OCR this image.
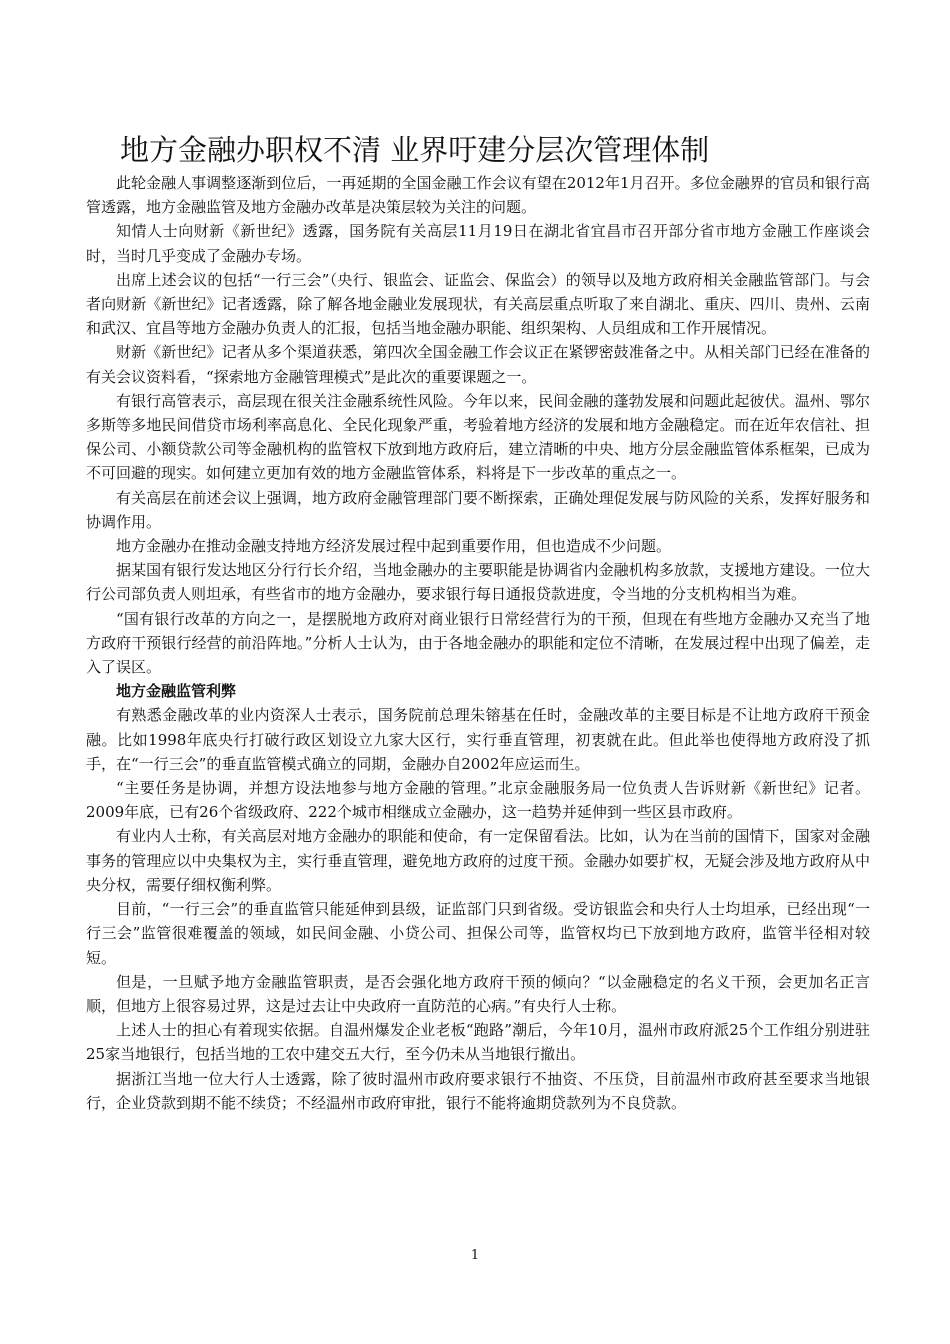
地方金融办职权不清 业界吁建分层次管理体制

此轮金融人事调整逐渐到位后，一再延期的全国金融工作会议有望在2012年1月召开。多位金融界的官员和银行高管透露，地方金融监管及地方金融办改革是决策层较为关注的问题。

知情人士向财新《新世纪》透露，国务院有关高层11月19日在湖北省宜昌市召开部分省市地方金融工作座谈会时，当时几乎变成了金融办专场。

出席上述会议的包括“一行三会”（央行、银监会、证监会、保监会）的领导以及地方政府相关金融监管部门。与会者向财新《新世纪》记者透露，除了解各地金融业发展现状，有关高层重点听取了来自湖北、重庆、四川、贵州、云南和武汉、宜昌等地方金融办负责人的汇报，包括当地金融办职能、组织架构、人员组成和工作开展情况。

财新《新世纪》记者从多个渠道获悉，第四次全国金融工作会议正在紧锣密鼓准备之中。从相关部门已经在准备的有关会议资料看，“探索地方金融管理模式”是此次的重要课题之一。

有银行高管表示，高层现在很关注金融系统性风险。今年以来，民间金融的蓬勃发展和问题此起彼伏。温州、鄂尔多斯等多地民间借贷市场利率高息化、全民化现象严重，考验着地方经济的发展和地方金融稳定。而在近年农信社、担保公司、小额贷款公司等金融机构的监管权下放到地方政府后，建立清晰的中央、地方分层金融监管体系框架，已成为不可回避的现实。如何建立更加有效的地方金融监管体系，料将是下一步改革的重点之一。

有关高层在前述会议上强调，地方政府金融管理部门要不断探索，正确处理促发展与防风险的关系，发挥好服务和协调作用。

地方金融办在推动金融支持地方经济发展过程中起到重要作用，但也造成不少问题。

据某国有银行发达地区分行行长介绍，当地金融办的主要职能是协调省内金融机构多放款，支援地方建设。一位大行公司部负责人则坦承，有些省市的地方金融办，要求银行每日通报贷款进度，令当地的分支机构相当为难。

“国有银行改革的方向之一，是摆脱地方政府对商业银行日常经营行为的干预，但现在有些地方金融办又充当了地方政府干预银行经营的前沿阵地。”分析人士认为，由于各地金融办的职能和定位不清晰，在发展过程中出现了偏差，走入了误区。

地方金融监管利弊

有熟悉金融改革的业内资深人士表示，国务院前总理朱镕基在任时，金融改革的主要目标是不让地方政府干预金融。比如1998年底央行打破行政区划设立九家大区行，实行垂直管理，初衷就在此。但此举也使得地方政府没了抓手，在“一行三会”的垂直监管模式确立的同期，金融办自2002年应运而生。

“主要任务是协调，并想方设法地参与地方金融的管理。”北京金融服务局一位负责人告诉财新《新世纪》记者。2009年底，已有26个省级政府、222个城市相继成立金融办，这一趋势并延伸到一些区县市政府。

有业内人士称，有关高层对地方金融办的职能和使命，有一定保留看法。比如，认为在当前的国情下，国家对金融事务的管理应以中央集权为主，实行垂直管理，避免地方政府的过度干预。金融办如要扩权，无疑会涉及地方政府从中央分权，需要仔细权衡利弊。

目前，“一行三会”的垂直监管只能延伸到县级，证监部门只到省级。受访银监会和央行人士均坦承，已经出现“一行三会”监管很难覆盖的领域，如民间金融、小贷公司、担保公司等，监管权均已下放到地方政府，监管半径相对较短。

但是，一旦赋予地方金融监管职责，是否会强化地方政府干预的倾向？“以金融稳定的名义干预，会更加名正言顺，但地方上很容易过界，这是过去让中央政府一直防范的心病。”有央行人士称。

上述人士的担心有着现实依据。自温州爆发企业老板“跑路”潮后，今年10月，温州市政府派25个工作组分别进驻25家当地银行，包括当地的工农中建交五大行，至今仍未从当地银行撤出。

据浙江当地一位大行人士透露，除了彼时温州市政府要求银行不抽资、不压贷，目前温州市政府甚至要求当地银行，企业贷款到期不能不续贷；不经温州市政府审批，银行不能将逾期贷款列为不良贷款。

1
